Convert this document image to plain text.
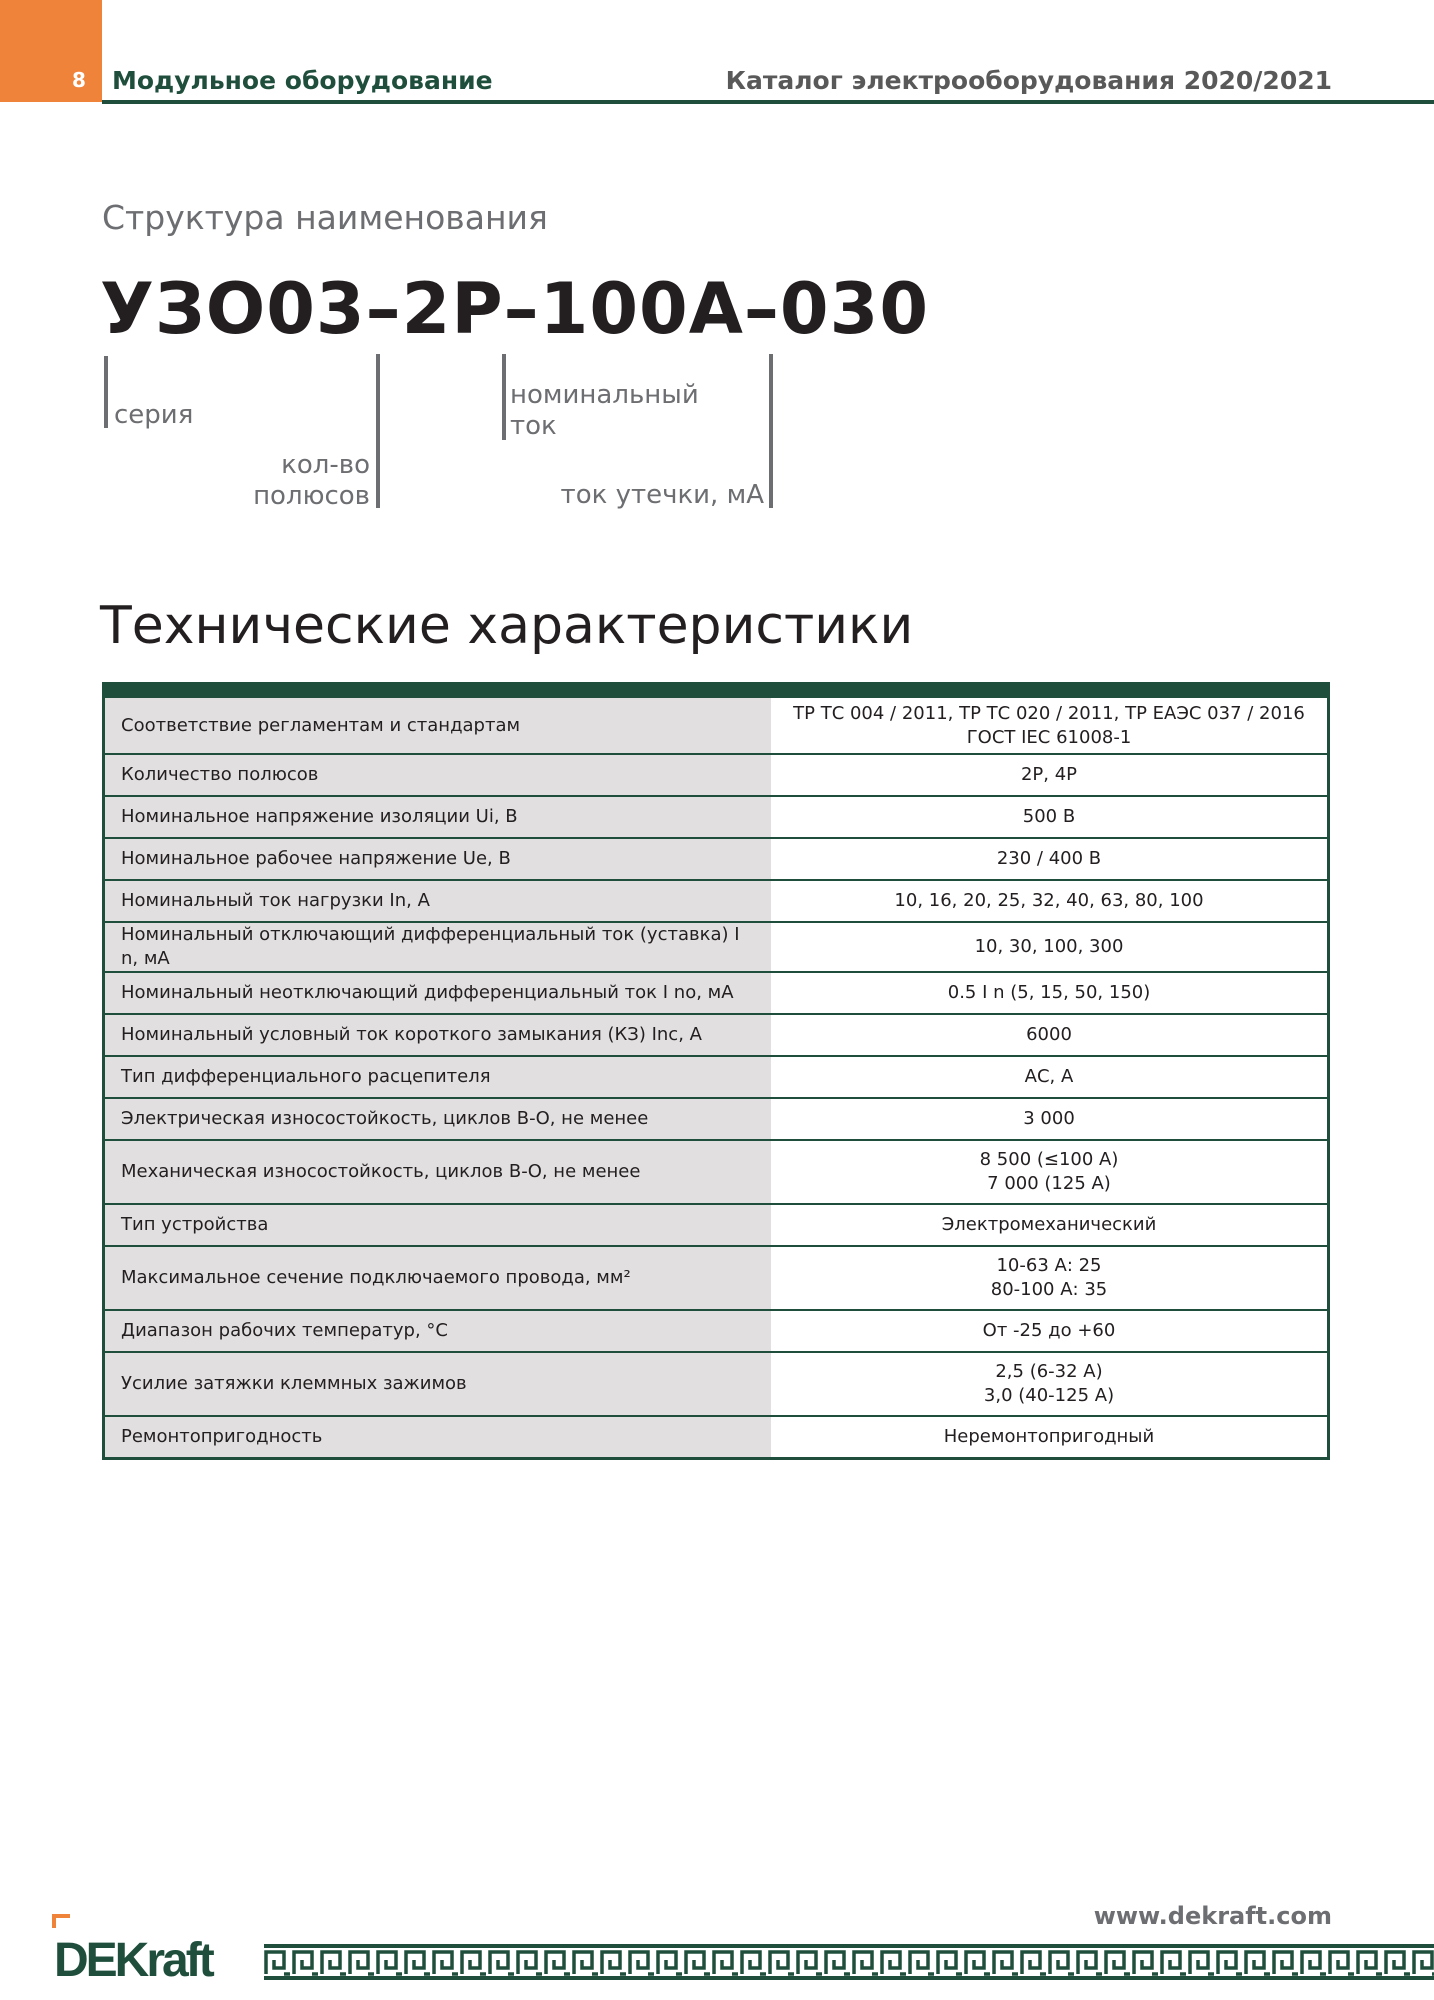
8 Модульное оборудование	Каталог электрооборудования 2020/2021
Структура наименования
УЗО03–2Р–100А–030
серия
кол-во
полюсов
номинальный
ток
ток утечки, мА
Технические характеристики
Соответствие регламентам и стандартам	ТР ТС 004 / 2011, ТР ТС 020 / 2011, ТР ЕАЭС 037 / 2016
ГОСТ IEC 61008-1

Количество полюсов	2Р, 4Р

Номинальное напряжение изоляции Ui, В	500 В

Номинальное рабочее напряжение Ue, В	230 / 400 В

Номинальный ток нагрузки In, А	10, 16, 20, 25, 32, 40, 63, 80, 100

Номинальный отключающий дифференциальный ток (уставка) I n, мА	10, 30, 100, 300

Номинальный неотключающий дифференциальный ток I no, мА	0.5 I n (5, 15, 50, 150)

Номинальный условный ток короткого замыкания (КЗ) Inc, А	6000

Тип дифференциального расцепителя	АС, А

Электрическая износостойкость, циклов В-О, не менее	3 000

Механическая износостойкость, циклов В-О, не менее	8 500 (≤100 А)
7 000 (125 А)

Тип устройства	Электромеханический

Максимальное сечение подключаемого провода, мм²	10-63 А: 25
80-100 А: 35

Диапазон рабочих температур, °С	От -25 до +60

Усилие затяжки клеммных зажимов	2,5 (6-32 А)
3,0 (40-125 А)

Ремонтопригодность	Неремонтопригодный
www.dekraft.com
DEKraft
